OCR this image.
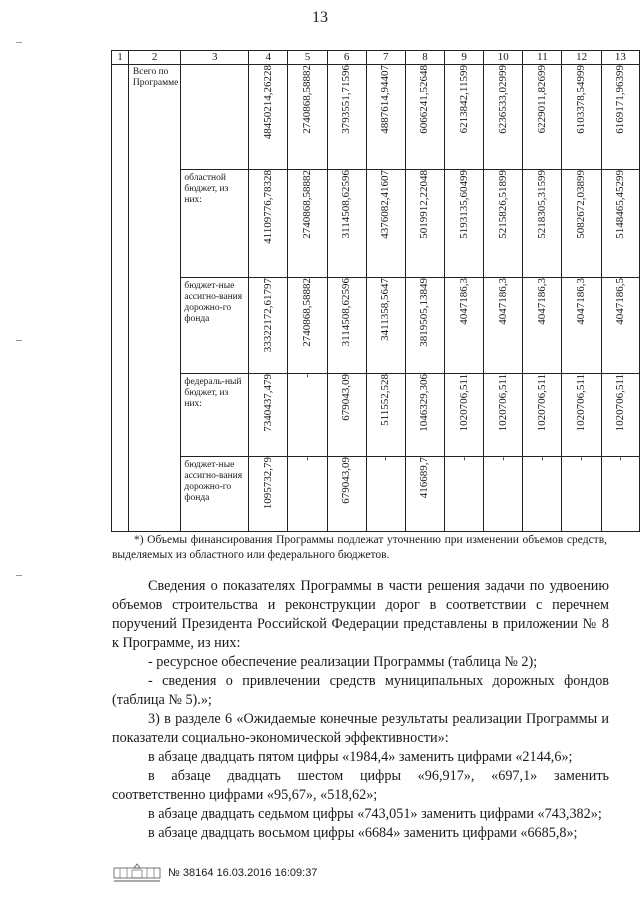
13
1	2	3	4	5	6	7	8	9	10	11	12	13
	Всего по Программе		48450214,26228	2740868,58882	3793551,71596	4887614,94407	6066241,52648	6213842,11599	6236533,02999	6229011,82699	6103378,54999	6169171,96399

		областной бюджет, из них:	41109776,78328	2740868,58882	3114508,62596	4376082,41607	5019912,22048	5193135,60499	5215826,51899	5218305,31599	5082672,03899	5148465,45299

		бюджет-ные ассигно-вания дорожно-го фонда	33322172,61797	2740868,58882	3114508,62596	3411358,5647	3819505,13849	4047186,3	4047186,3	4047186,3	4047186,3	4047186,5

		федераль-ный бюджет, из них:	7340437,479	-	679043,09	511552,528	1046329,306	1020706,511	1020706,511	1020706,511	1020706,511	1020706,511

		бюджет-ные ассигно-вания дорожно-го фонда	1095732,79	-	679043,09	-	416689,7	-	-	-	-	-
*) Объемы финансирования Программы подлежат уточнению при изменении объемов средств, выделяемых из областного или федерального бюджетов.

Сведения о показателях Программы в части решения задачи по удвоению объемов строительства и реконструкции дорог в соответствии с перечнем поручений Президента Российской Федерации представлены в приложении № 8 к Программе, из них:

- ресурсное обеспечение реализации Программы (таблица № 2);

- сведения о привлечении средств муниципальных дорожных фондов (таблица № 5).»;

3) в разделе 6 «Ожидаемые конечные результаты реализации Программы и показатели социально-экономической эффективности»:

в абзаце двадцать пятом цифры «1984,4» заменить цифрами «2144,6»;

в абзаце двадцать шестом цифры «96,917», «697,1» заменить соответственно цифрами «95,67», «518,62»;

в абзаце двадцать седьмом цифры «743,051» заменить цифрами «743,382»;

в абзаце двадцать восьмом цифры «6684» заменить цифрами «6685,8»;

№ 38164 16.03.2016 16:09:37
